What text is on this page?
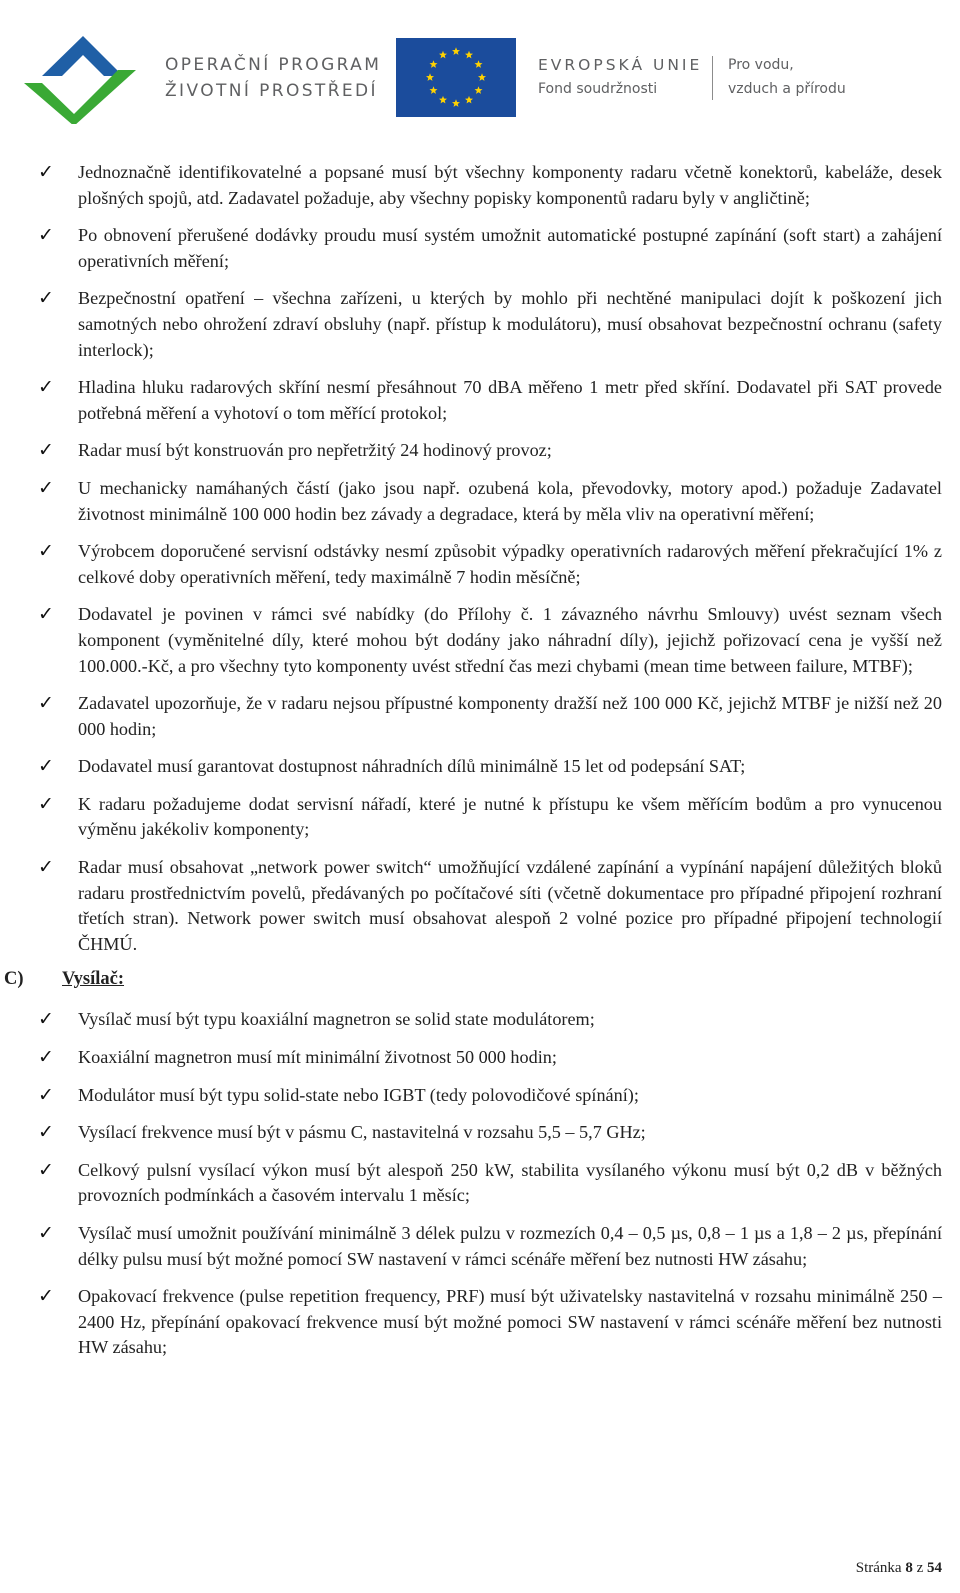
OPERAČNÍ PROGRAM
ŽIVOTNÍ PROSTŘEDÍ
EVROPSKÁ UNIE
Fond soudržnosti
Pro vodu,
vzduch a přírodu
✓ Jednoznačně identifikovatelné a popsané musí být všechny komponenty radaru včetně konektorů, kabeláže, desek plošných spojů, atd. Zadavatel požaduje, aby všechny popisky komponentů radaru byly v angličtině;
✓ Po obnovení přerušené dodávky proudu musí systém umožnit automatické postupné zapínání (soft start) a zahájení operativních měření;
✓ Bezpečnostní opatření – všechna zařízeni, u kterých by mohlo při nechtěné manipulaci dojít k poškození jich samotných nebo ohrožení zdraví obsluhy (např. přístup k modulátoru), musí obsahovat bezpečnostní ochranu (safety interlock);
✓ Hladina hluku radarových skříní nesmí přesáhnout 70 dBA měřeno 1 metr před skříní. Dodavatel při SAT provede potřebná měření a vyhotoví o tom měřící protokol;
✓ Radar musí být konstruován pro nepřetržitý 24 hodinový provoz;
✓ U mechanicky namáhaných částí (jako jsou např. ozubená kola, převodovky, motory apod.) požaduje Zadavatel životnost minimálně 100 000 hodin bez závady a degradace, která by měla vliv na operativní měření;
✓ Výrobcem doporučené servisní odstávky nesmí způsobit výpadky operativních radarových měření překračující 1% z celkové doby operativních měření, tedy maximálně 7 hodin měsíčně;
✓ Dodavatel je povinen v rámci své nabídky (do Přílohy č. 1 závazného návrhu Smlouvy) uvést seznam všech komponent (vyměnitelné díly, které mohou být dodány jako náhradní díly), jejichž pořizovací cena je vyšší než 100.000.-Kč, a pro všechny tyto komponenty uvést střední čas mezi chybami (mean time between failure, MTBF);
✓ Zadavatel upozorňuje, že v radaru nejsou přípustné komponenty dražší než 100 000 Kč, jejichž MTBF je nižší než 20 000 hodin;
✓ Dodavatel musí garantovat dostupnost náhradních dílů minimálně 15 let od podepsání SAT;
✓ K radaru požadujeme dodat servisní nářadí, které je nutné k přístupu ke všem měřícím bodům a pro vynucenou výměnu jakékoliv komponenty;
✓ Radar musí obsahovat „network power switch“ umožňující vzdálené zapínání a vypínání napájení důležitých bloků radaru prostřednictvím povelů, předávaných po počítačové síti (včetně dokumentace pro případné připojení rozhraní třetích stran). Network power switch musí obsahovat alespoň 2 volné pozice pro případné připojení technologií ČHMÚ.
C) Vysílač:
✓ Vysílač musí být typu koaxiální magnetron se solid state modulátorem;
✓ Koaxiální magnetron musí mít minimální životnost 50 000 hodin;
✓ Modulátor musí být typu solid-state nebo IGBT (tedy polovodičové spínání);
✓ Vysílací frekvence musí být v pásmu C, nastavitelná v rozsahu 5,5 – 5,7 GHz;
✓ Celkový pulsní vysílací výkon musí být alespoň 250 kW, stabilita vysílaného výkonu musí být 0,2 dB v běžných provozních podmínkách a časovém intervalu 1 měsíc;
✓ Vysílač musí umožnit používání minimálně 3 délek pulzu v rozmezích 0,4 – 0,5 µs, 0,8 – 1 µs a 1,8 – 2 µs, přepínání délky pulsu musí být možné pomocí SW nastavení v rámci scénáře měření bez nutnosti HW zásahu;
✓ Opakovací frekvence (pulse repetition frequency, PRF) musí být uživatelsky nastavitelná v rozsahu minimálně 250 – 2400 Hz, přepínání opakovací frekvence musí být možné pomoci SW nastavení v rámci scénáře měření bez nutnosti HW zásahu;
Stránka 8 z 54
